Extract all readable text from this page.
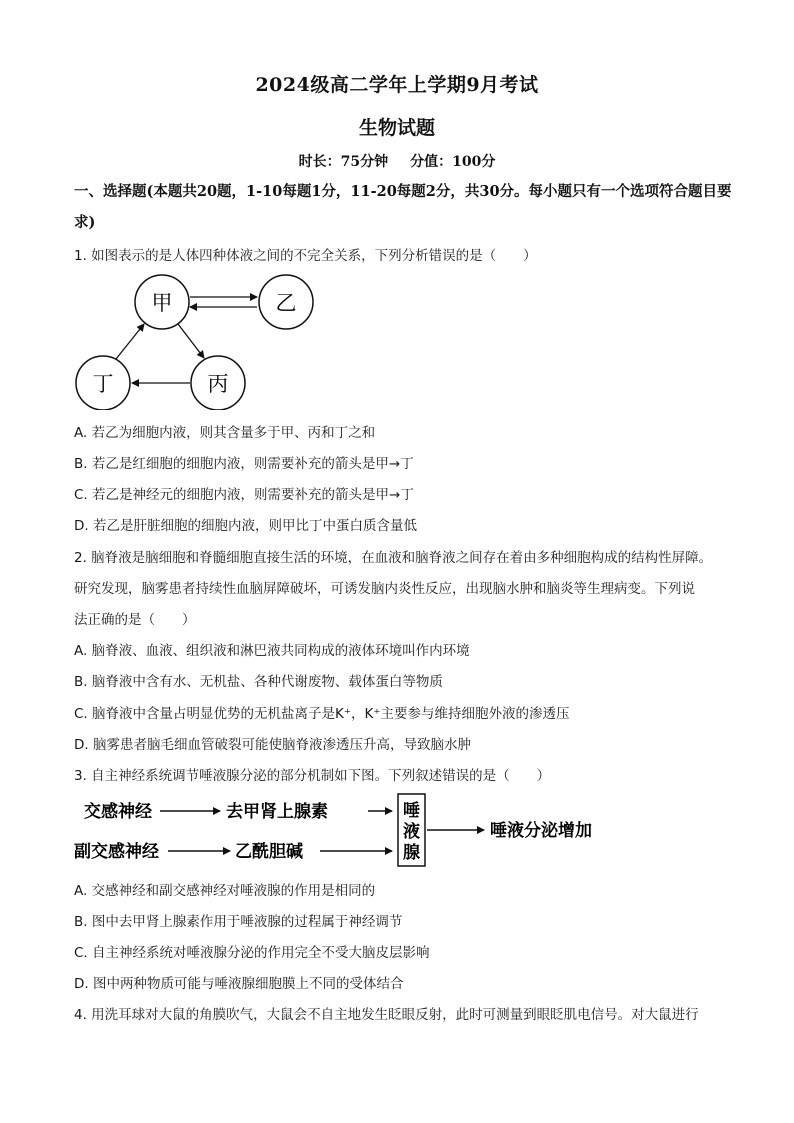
2024级高二学年上学期9月考试
生物试题
时长：75分钟 分值：100分
一、选择题(本题共20题，1-10每题1分，11-20每题2分，共30分。每小题只有一个选项符合题目要求)
1. 如图表示的是人体四种体液之间的不完全关系，下列分析错误的是（　　）
甲	乙
丁	丙
A. 若乙为细胞内液，则其含量多于甲、丙和丁之和
B. 若乙是红细胞的细胞内液，则需要补充的箭头是甲→丁
C. 若乙是神经元的细胞内液，则需要补充的箭头是甲→丁
D. 若乙是肝脏细胞的细胞内液，则甲比丁中蛋白质含量低
2. 脑脊液是脑细胞和脊髓细胞直接生活的环境，在血液和脑脊液之间存在着由多种细胞构成的结构性屏障。
研究发现，脑雾患者持续性血脑屏障破坏，可诱发脑内炎性反应，出现脑水肿和脑炎等生理病变。下列说
法正确的是（　　）
A. 脑脊液、血液、组织液和淋巴液共同构成的液体环境叫作内环境
B. 脑脊液中含有水、无机盐、各种代谢废物、载体蛋白等物质
C. 脑脊液中含量占明显优势的无机盐离子是K⁺，K⁺主要参与维持细胞外液的渗透压
D. 脑雾患者脑毛细血管破裂可能使脑脊液渗透压升高，导致脑水肿
3. 自主神经系统调节唾液腺分泌的部分机制如下图。下列叙述错误的是（　　）
交感神经	去甲肾上腺素
副交感神经	乙酰胆碱
唾
液
腺
唾液分泌增加
A. 交感神经和副交感神经对唾液腺的作用是相同的
B. 图中去甲肾上腺素作用于唾液腺的过程属于神经调节
C. 自主神经系统对唾液腺分泌的作用完全不受大脑皮层影响
D. 图中两种物质可能与唾液腺细胞膜上不同的受体结合
4. 用洗耳球对大鼠的角膜吹气，大鼠会不自主地发生眨眼反射，此时可测量到眼眨肌电信号。对大鼠进行
